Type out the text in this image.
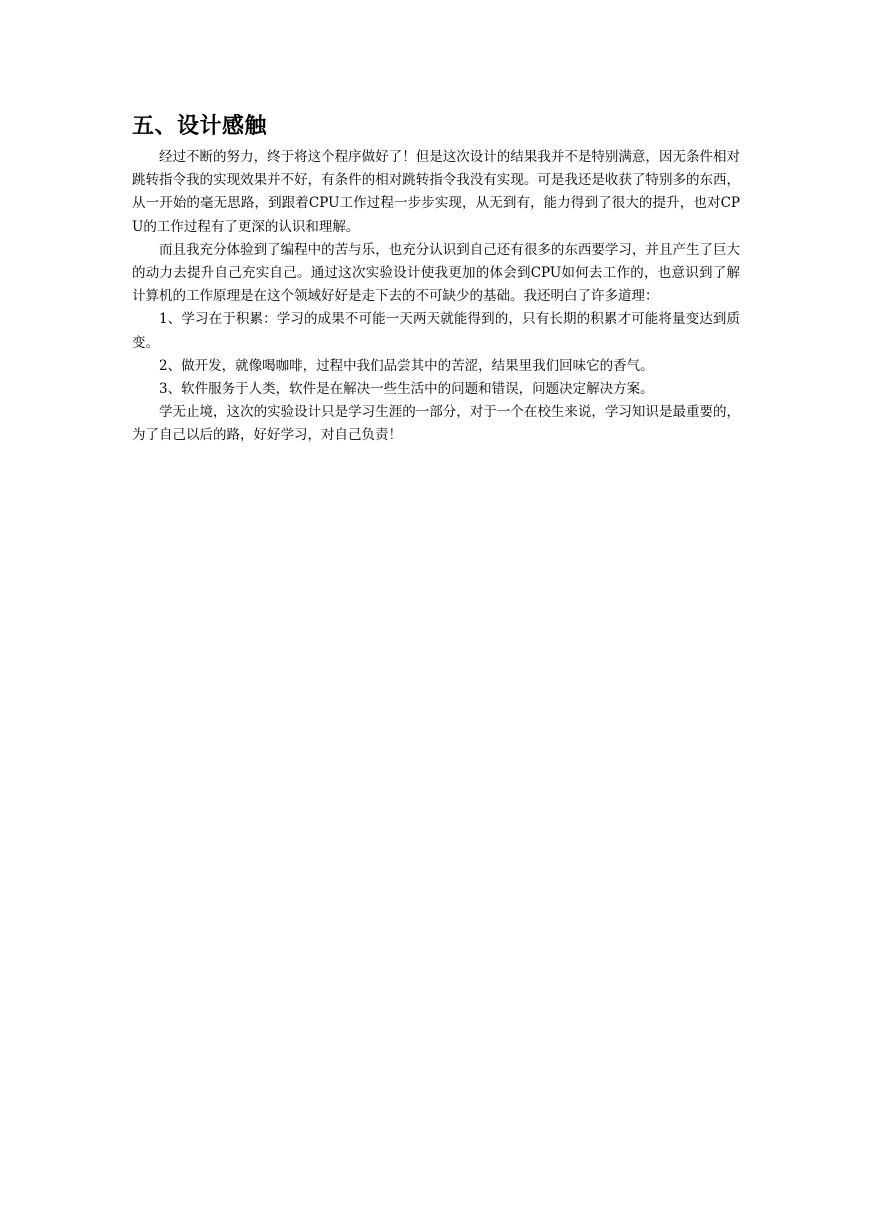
五、设计感触

经过不断的努力，终于将这个程序做好了！但是这次设计的结果我并不是特别满意，因无条件相对跳转指令我的实现效果并不好，有条件的相对跳转指令我没有实现。可是我还是收获了特别多的东西，从一开始的毫无思路，到跟着CPU工作过程一步步实现，从无到有，能力得到了很大的提升，也对CPU的工作过程有了更深的认识和理解。

而且我充分体验到了编程中的苦与乐，也充分认识到自己还有很多的东西要学习，并且产生了巨大的动力去提升自己充实自己。通过这次实验设计使我更加的体会到CPU如何去工作的，也意识到了解计算机的工作原理是在这个领域好好是走下去的不可缺少的基础。我还明白了许多道理：

1、学习在于积累：学习的成果不可能一天两天就能得到的，只有长期的积累才可能将量变达到质变。

2、做开发，就像喝咖啡，过程中我们品尝其中的苦涩，结果里我们回味它的香气。

3、软件服务于人类，软件是在解决一些生活中的问题和错误，问题决定解决方案。

学无止境，这次的实验设计只是学习生涯的一部分，对于一个在校生来说，学习知识是最重要的，为了自己以后的路，好好学习，对自己负责！
